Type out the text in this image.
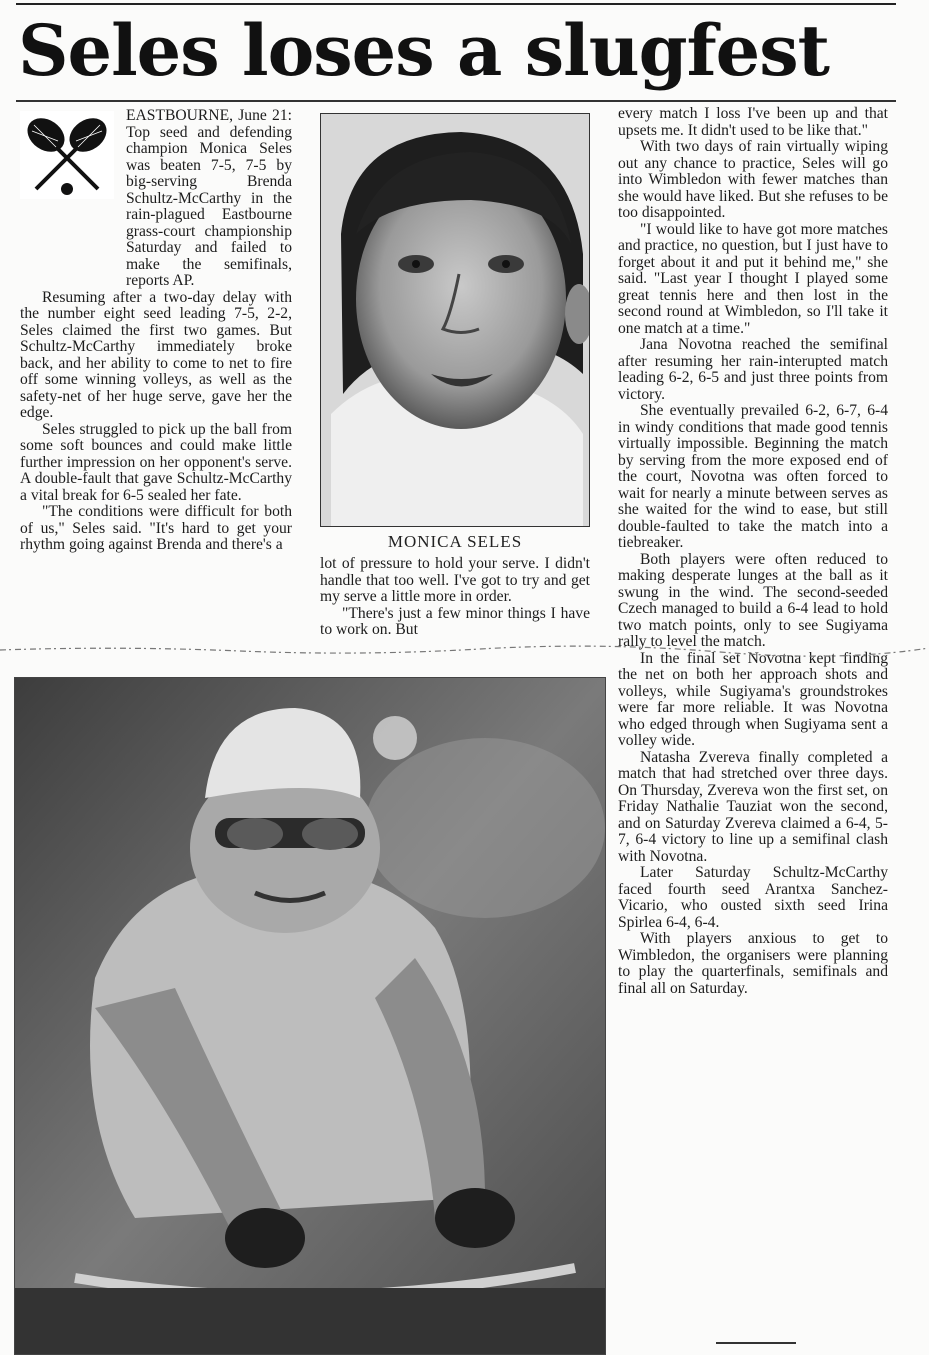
Seles loses a slugfest

EASTBOURNE, June 21: Top seed and defending champion Monica Seles was beaten 7-5, 7-5 by big-serving Brenda Schultz-McCarthy in the rain-plagued Eastbourne grass-court championship Saturday and failed to make the semifinals, reports AP.

Resuming after a two-day delay with the number eight seed leading 7-5, 2-2, Seles claimed the first two games. But Schultz-McCarthy immediately broke back, and her ability to come to net to fire off some winning volleys, as well as the safety-net of her huge serve, gave her the edge.

Seles struggled to pick up the ball from some soft bounces and could make little further impression on her opponent's serve. A double-fault that gave Schultz-McCarthy a vital break for 6-5 sealed her fate.

"The conditions were difficult for both of us," Seles said. "It's hard to get your rhythm going against Brenda and there's a	MONICA SELES

lot of pressure to hold your serve. I didn't handle that too well. I've got to try and get my serve a little more in order.

"There's just a few minor things I have to work on. But

every match I loss I've been up and that upsets me. It didn't used to be like that."

With two days of rain virtually wiping out any chance to practice, Seles will go into Wimbledon with fewer matches than she would have liked. But she refuses to be too disappointed.

"I would like to have got more matches and practice, no question, but I just have to forget about it and put it behind me," she said. "Last year I thought I played some great tennis here and then lost in the second round at Wimbledon, so I'll take it one match at a time."

Jana Novotna reached the semifinal after resuming her rain-interupted match leading 6-2, 6-5 and just three points from victory.

She eventually prevailed 6-2, 6-7, 6-4 in windy conditions that made good tennis virtually impossible. Beginning the match by serving from the more exposed end of the court, Novotna was often forced to wait for nearly a minute between serves as she waited for the wind to ease, but still double-faulted to take the match into a tiebreaker.

Both players were often reduced to making desperate lunges at the ball as it swung in the wind. The second-seeded Czech managed to build a 6-4 lead to hold two match points, only to see Sugiyama rally to level the match.

In the final set Novotna kept finding the net on both her approach shots and volleys, while Sugiyama's groundstrokes were far more reliable. It was Novotna who edged through when Sugiyama sent a volley wide.

Natasha Zvereva finally completed a match that had stretched over three days. On Thursday, Zvereva won the first set, on Friday Nathalie Tauziat won the second, and on Saturday Zvereva claimed a 6-4, 5-7, 6-4 victory to line up a semifinal clash with Novotna.

Later Saturday Schultz-McCarthy faced fourth seed Arantxa Sanchez-Vicario, who ousted sixth seed Irina Spirlea 6-4, 6-4.

With players anxious to get to Wimbledon, the organisers were planning to play the quarterfinals, semifinals and final all on Saturday.
